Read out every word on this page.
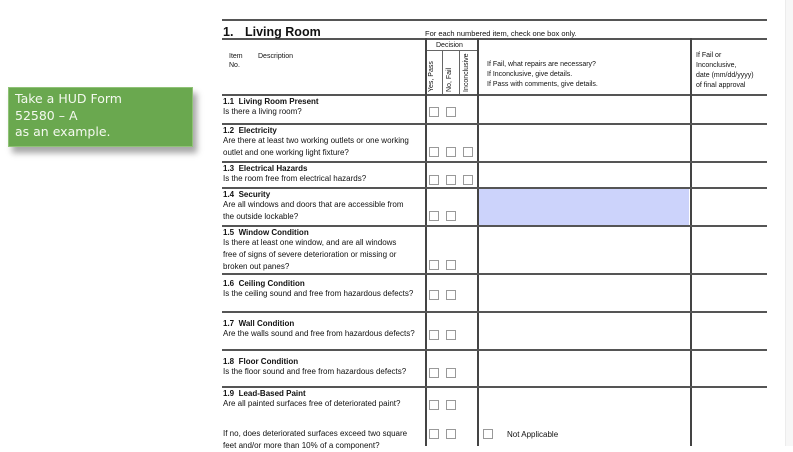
Take a HUD Form
52580 – A
as an example.
1. Living Room	For each numbered item, check one box only.
Item
No.
Description
Decision
Yes, Pass No, Fail Inconclusive If Fail, what repairs are necessary?
If Inconclusive, give details.
If Pass with comments, give details.
If Fail or
Inconclusive,
date (mm/dd/yyyy)
of final approval
1.1 Living Room Present
Is there a living room?
1.2 Electricity
Are there at least two working outlets or one working
outlet and one working light fixture?
1.3 Electrical Hazards
Is the room free from electrical hazards?
1.4 Security
Are all windows and doors that are accessible from
the outside lockable?
1.5 Window Condition
Is there at least one window, and are all windows
free of signs of severe deterioration or missing or
broken out panes?
1.6 Ceiling Condition
Is the ceiling sound and free from hazardous defects?
1.7 Wall Condition
Are the walls sound and free from hazardous defects?
1.8 Floor Condition
Is the floor sound and free from hazardous defects?
1.9 Lead-Based Paint
Are all painted surfaces free of deteriorated paint?
If no, does deteriorated surfaces exceed two square
feet and/or more than 10% of a component?
Not Applicable
